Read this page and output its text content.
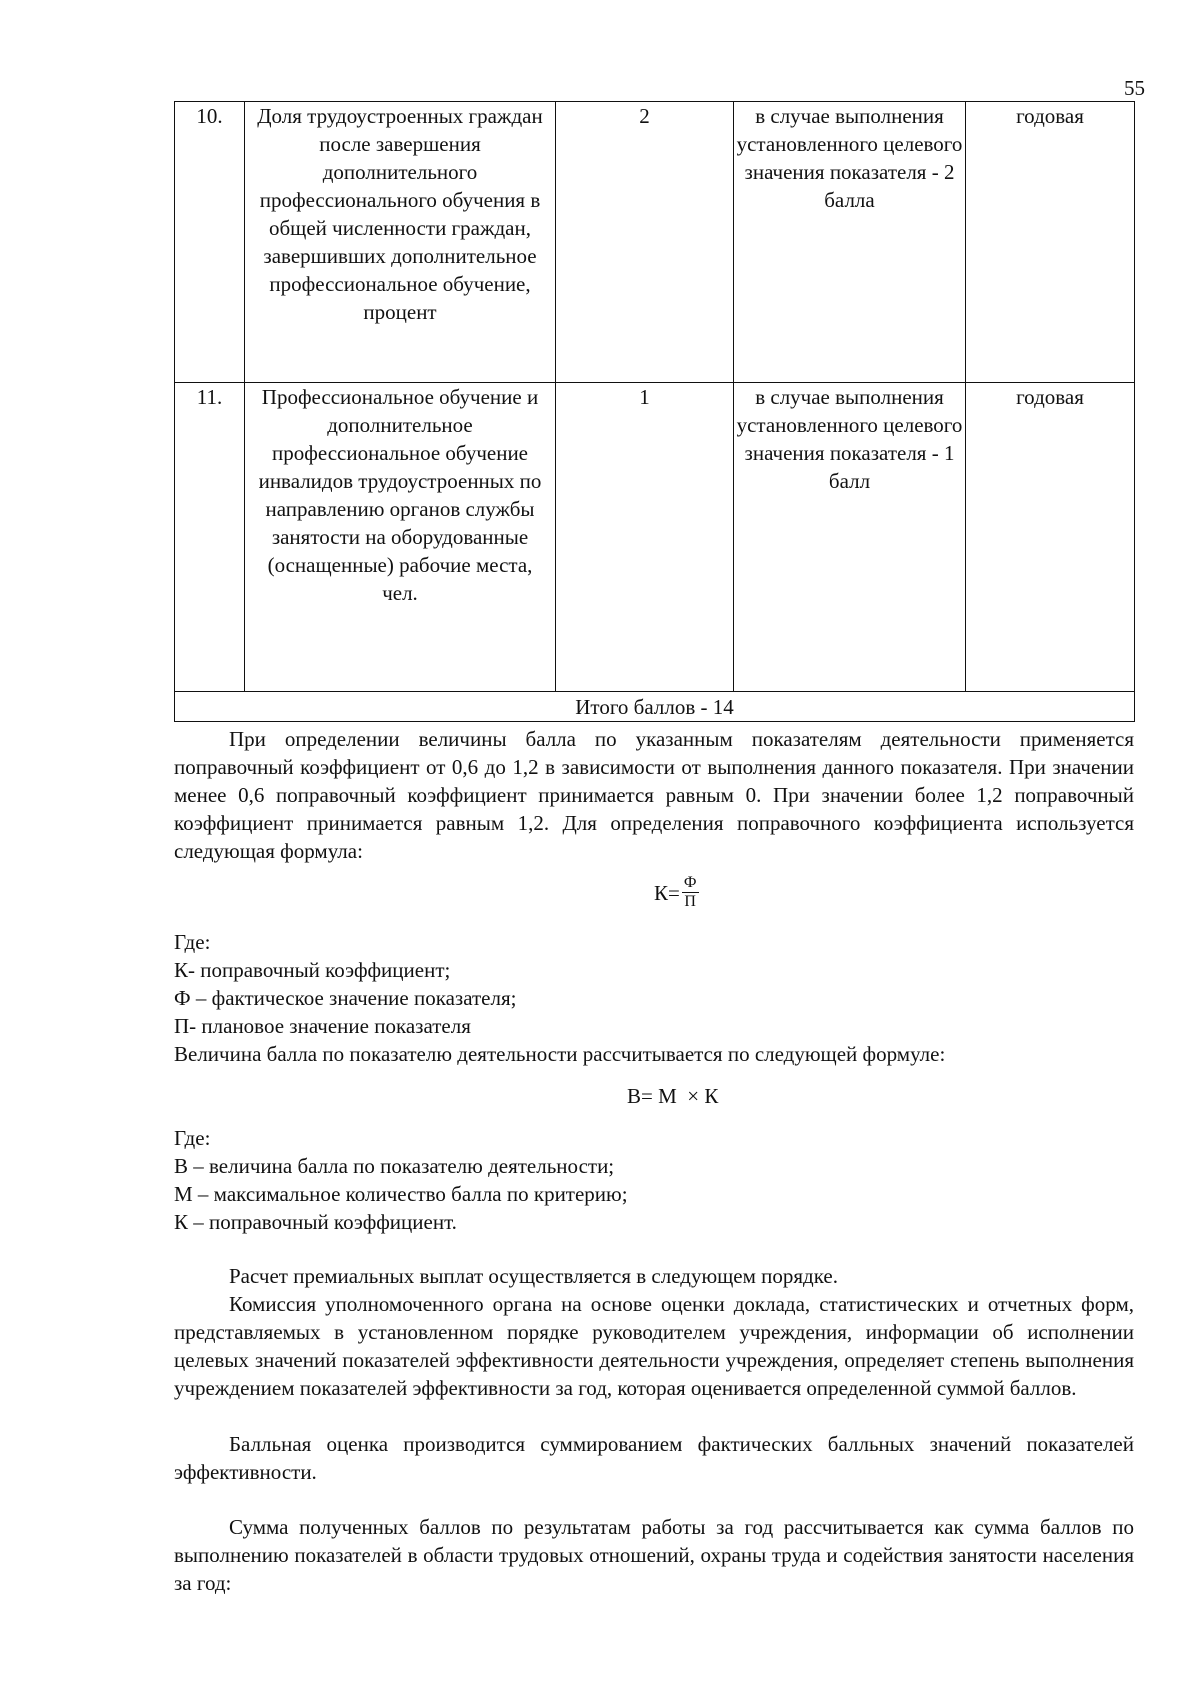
55
10.	Доля трудоустроенных граждан после завершения дополнительного профессионального обучения в общей численности граждан, завершивших дополнительное профессиональное обучение, процент	2	в случае выполнения установленного целевого значения показателя - 2 балла	годовая
11.	Профессиональное обучение и дополнительное профессиональное обучение инвалидов трудоустроенных по направлению органов службы занятости на оборудованные (оснащенные) рабочие места, чел.	1	в случае выполнения установленного целевого значения показателя - 1 балл	годовая
Итого баллов - 14				

При определении величины балла по указанным показателям деятельности применяется поправочный коэффициент от 0,6 до 1,2 в зависимости от выполнения данного показателя. При значении менее 0,6 поправочный коэффициент принимается равным 0. При значении более 1,2 поправочный коэффициент принимается равным 1,2. Для определения поправочного коэффициента используется следующая формула:

$К= \frac{Ф}{П}$
Где:
К- поправочный коэффициент;
Ф – фактическое значение показателя;
П- плановое значение показателя
Величина балла по показателю деятельности рассчитывается по следующей формуле:
В= М  × К
Где:
В – величина балла по показателю деятельности;
М – максимальное количество балла по критерию;
К – поправочный коэффициент.

Расчет премиальных выплат осуществляется в следующем порядке.

Комиссия уполномоченного органа на основе оценки доклада, статистических и отчетных форм, представляемых в установленном порядке руководителем учреждения, информации об исполнении целевых значений показателей эффективности деятельности учреждения, определяет степень выполнения учреждением показателей эффективности за год, которая оценивается определенной суммой баллов.

Балльная оценка производится суммированием фактических балльных значений показателей эффективности.

Сумма полученных баллов по результатам работы за год рассчитывается как сумма баллов по выполнению показателей в области трудовых отношений, охраны труда и содействия занятости населения за год:
